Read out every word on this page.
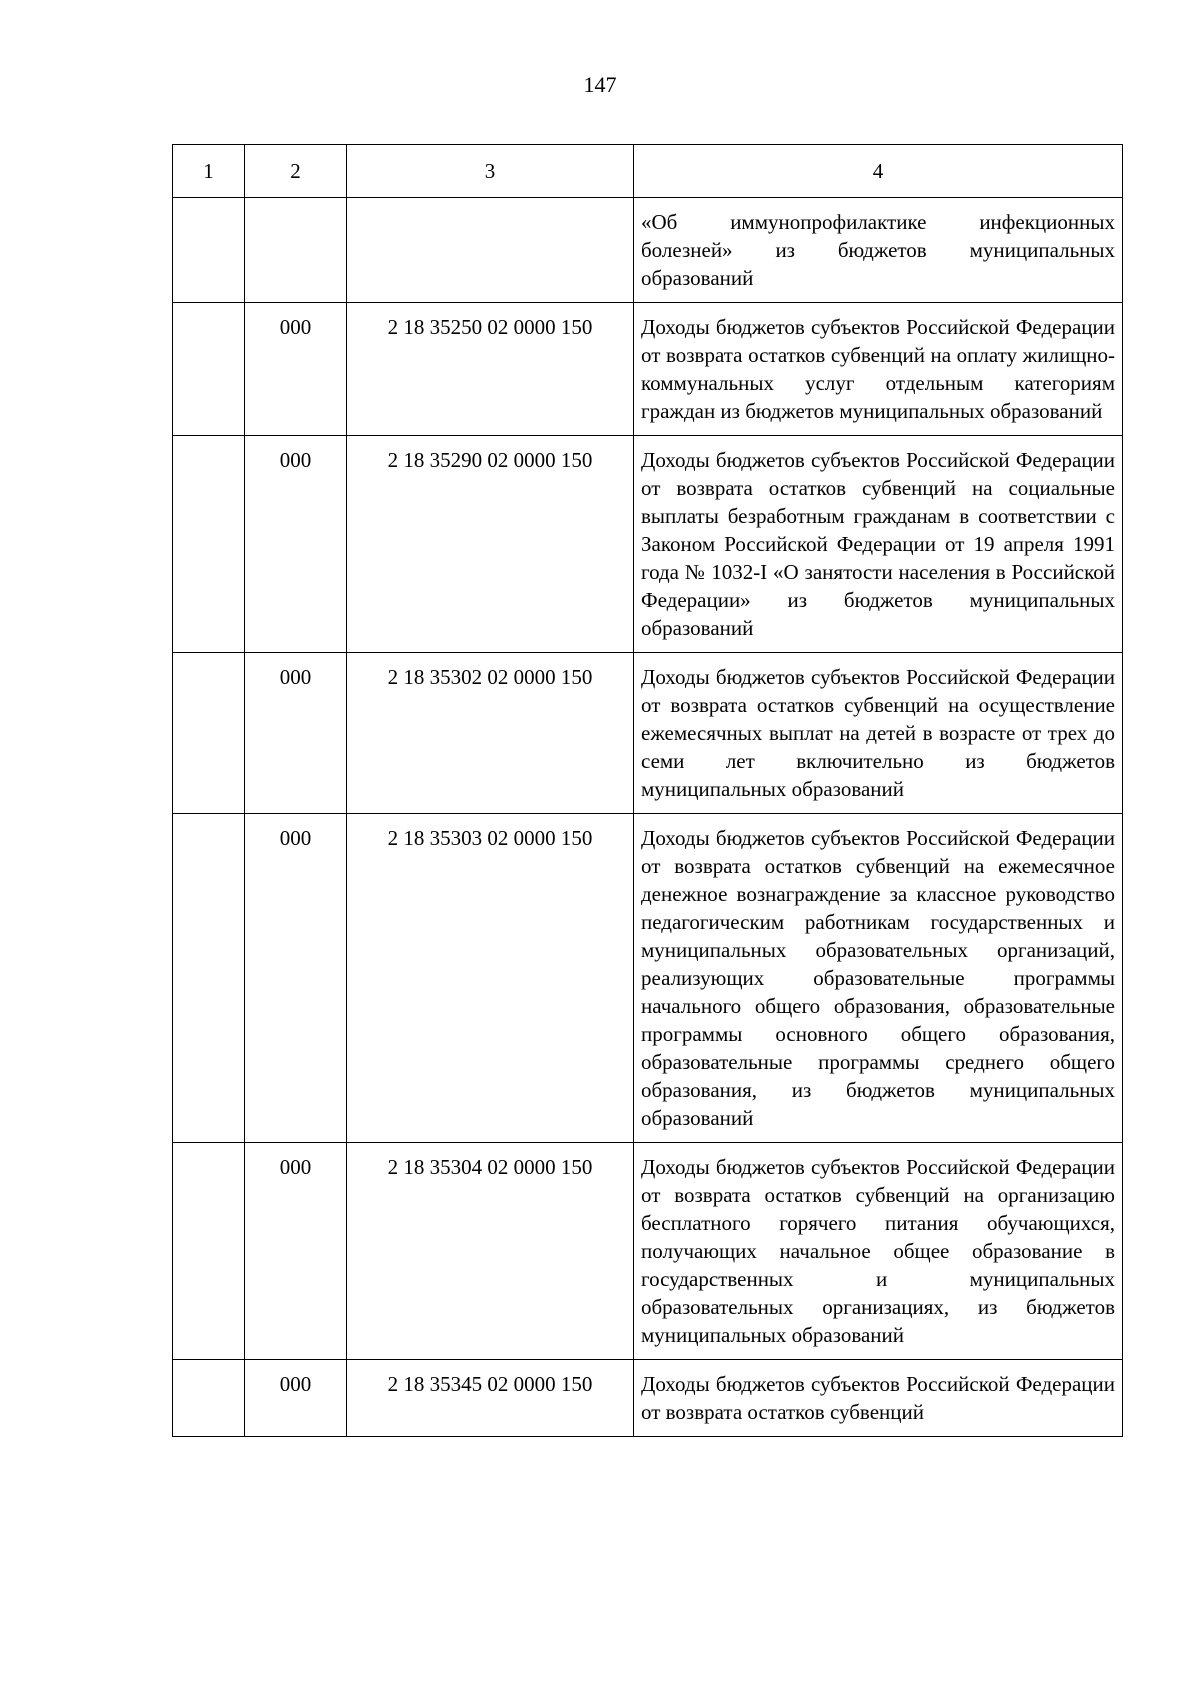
147
1	2	3	4
			«Об иммунопрофилактике инфекционных болезней» из бюджетов муниципальных образований
	000	2 18 35250 02 0000 150	Доходы бюджетов субъектов Российской Федерации от возврата остатков субвенций на оплату жилищно-коммунальных услуг отдельным категориям граждан из бюджетов муниципальных образований
	000	2 18 35290 02 0000 150	Доходы бюджетов субъектов Российской Федерации от возврата остатков субвенций на социальные выплаты безработным гражданам в соответствии с Законом Российской Федерации от 19 апреля 1991 года № 1032-I «О занятости населения в Российской Федерации» из бюджетов муниципальных образований
	000	2 18 35302 02 0000 150	Доходы бюджетов субъектов Российской Федерации от возврата остатков субвенций на осуществление ежемесячных выплат на детей в возрасте от трех до семи лет включительно из бюджетов муниципальных образований
	000	2 18 35303 02 0000 150	Доходы бюджетов субъектов Российской Федерации от возврата остатков субвенций на ежемесячное денежное вознаграждение за классное руководство педагогическим работникам государственных и муниципальных образовательных организаций, реализующих образовательные программы начального общего образования, образовательные программы основного общего образования, образовательные программы среднего общего образования, из бюджетов муниципальных образований
	000	2 18 35304 02 0000 150	Доходы бюджетов субъектов Российской Федерации от возврата остатков субвенций на организацию бесплатного горячего питания обучающихся, получающих начальное общее образование в государственных и муниципальных образовательных организациях, из бюджетов муниципальных образований
	000	2 18 35345 02 0000 150	Доходы бюджетов субъектов Российской Федерации от возврата остатков субвенций
